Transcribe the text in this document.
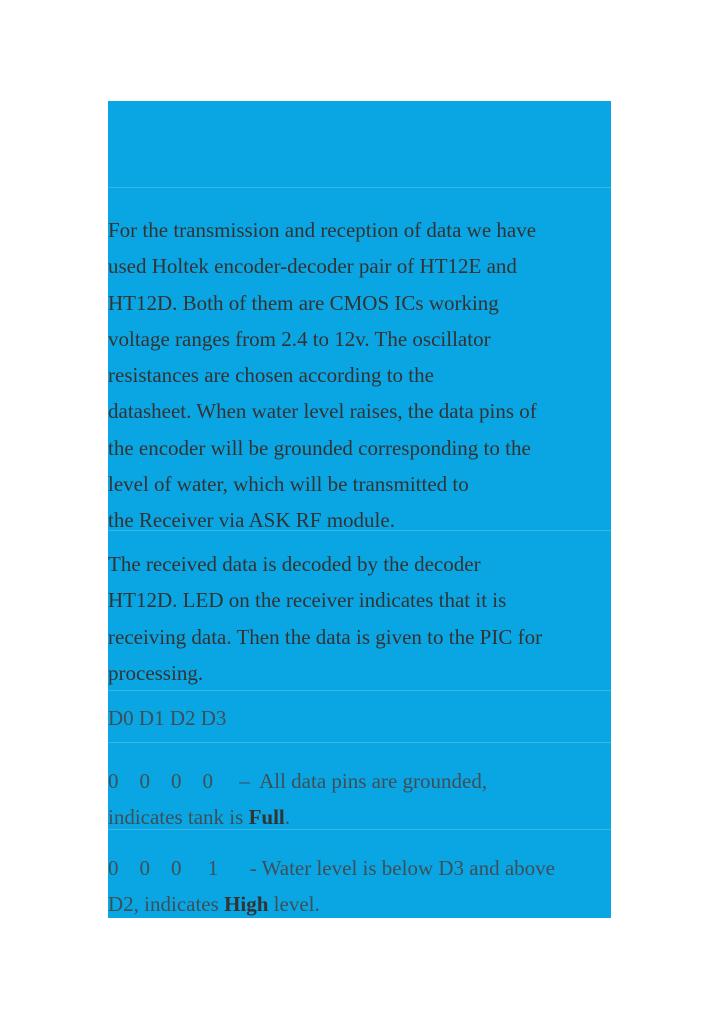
For the transmission and reception of data we have
used Holtek encoder-decoder pair of HT12E and
HT12D. Both of them are CMOS ICs working
voltage ranges from 2.4 to 12v. The oscillator
resistances are chosen according to the
datasheet. When water level raises, the data pins of
the encoder will be grounded corresponding to the
level of water, which will be transmitted to
the Receiver via ASK RF module.
The received data is decoded by the decoder
HT12D. LED on the receiver indicates that it is
receiving data. Then the data is given to the PIC for
processing.
D0 D1 D2 D3
0    0    0    0     –  All data pins are grounded,
indicates tank is Full.
0    0    0     1      - Water level is below D3 and above
D2, indicates High level.
